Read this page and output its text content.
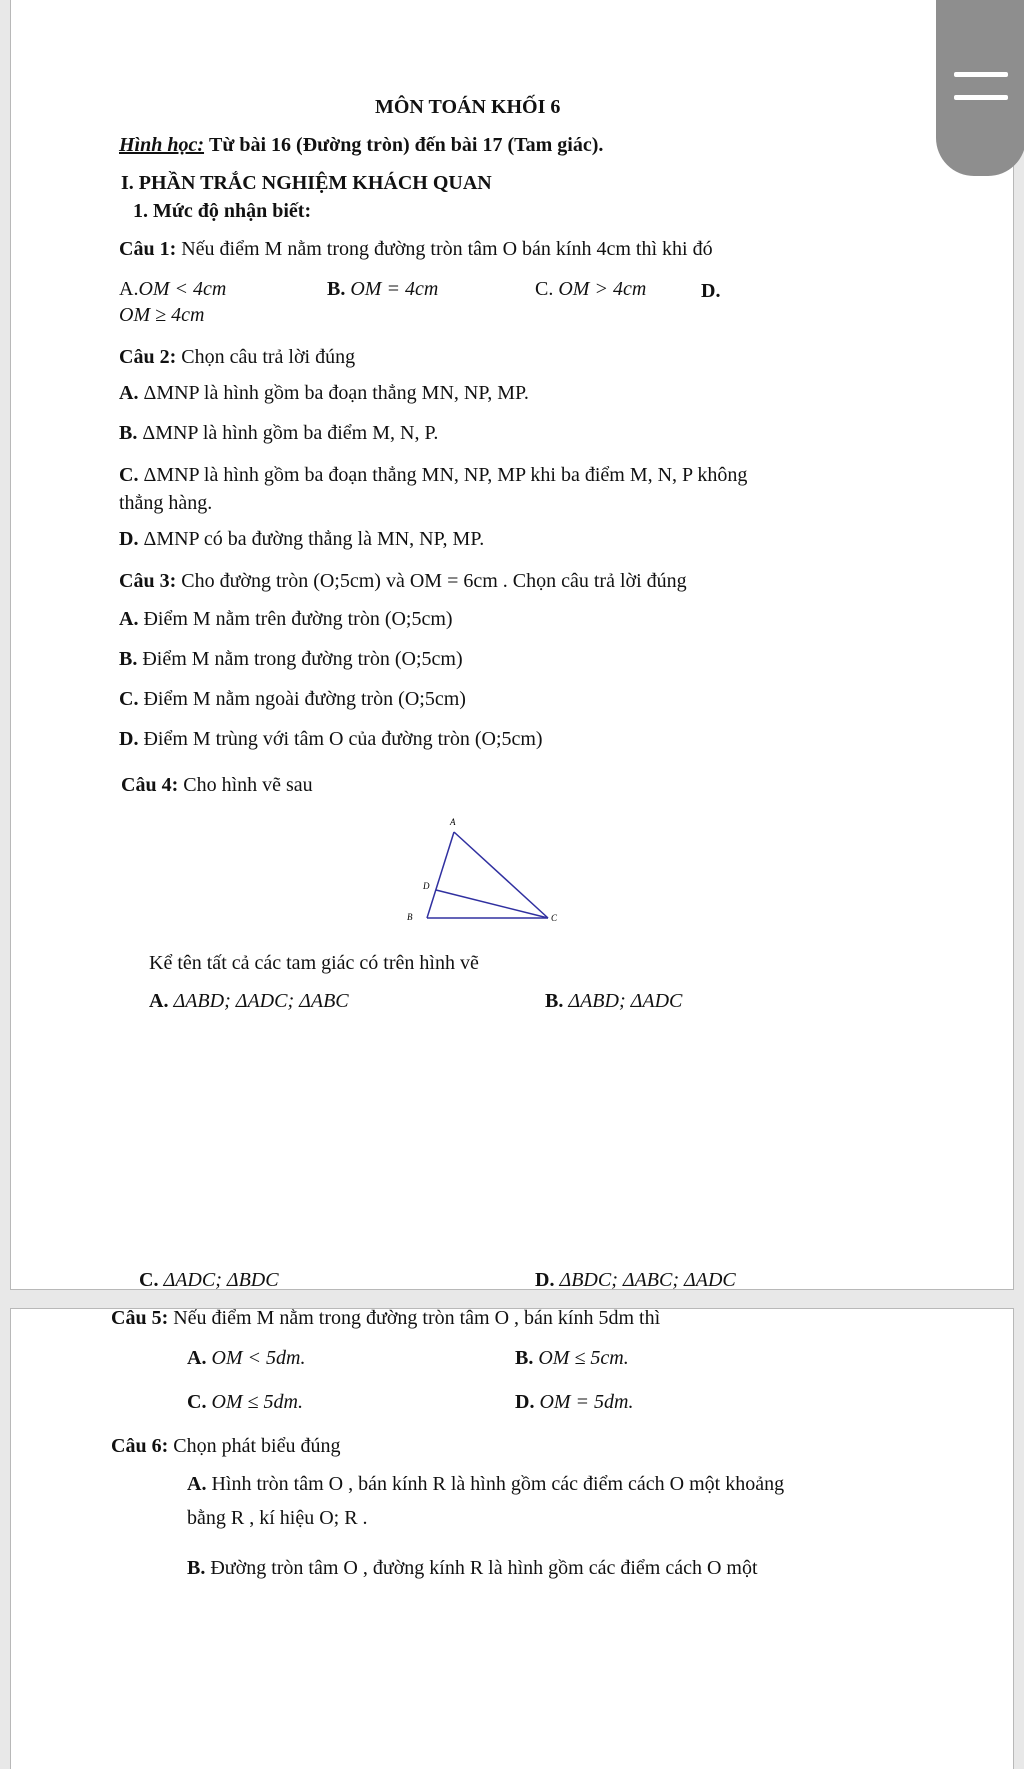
MÔN TOÁN KHỐI 6
Hình học: Từ bài 16 (Đường tròn) đến bài 17 (Tam giác).
I. PHẦN TRẮC NGHIỆM KHÁCH QUAN
1. Mức độ nhận biết:
Câu 1: Nếu điểm M nằm trong đường tròn tâm O bán kính 4cm thì khi đó
A.OM < 4cm	B. OM = 4cm	C. OM > 4cm	D.
OM ≥ 4cm
Câu 2: Chọn câu trả lời đúng
A. ΔMNP là hình gồm ba đoạn thẳng MN, NP, MP.
B. ΔMNP là hình gồm ba điểm M, N, P.
C. ΔMNP là hình gồm ba đoạn thẳng MN, NP, MP khi ba điểm M, N, P không
thẳng hàng.
D. ΔMNP có ba đường thẳng là MN, NP, MP.
Câu 3: Cho đường tròn (O;5cm) và OM = 6cm . Chọn câu trả lời đúng
A. Điểm M nằm trên đường tròn (O;5cm)
B. Điểm M nằm trong đường tròn (O;5cm)
C. Điểm M nằm ngoài đường tròn (O;5cm)
D. Điểm M trùng với tâm O của đường tròn (O;5cm)
Câu 4: Cho hình vẽ sau
A
B	C
D
Kể tên tất cả các tam giác có trên hình vẽ
A. ΔABD; ΔADC; ΔABC	B. ΔABD; ΔADC
C. ΔADC; ΔBDC	D. ΔBDC; ΔABC; ΔADC
Câu 5: Nếu điểm M nằm trong đường tròn tâm O , bán kính 5dm thì
A. OM < 5dm.	B. OM ≤ 5cm.
C. OM ≤ 5dm.	D. OM = 5dm.
Câu 6: Chọn phát biểu đúng
A. Hình tròn tâm O , bán kính R là hình gồm các điểm cách O một khoảng
bằng R , kí hiệu O; R .
B. Đường tròn tâm O , đường kính R là hình gồm các điểm cách O một
